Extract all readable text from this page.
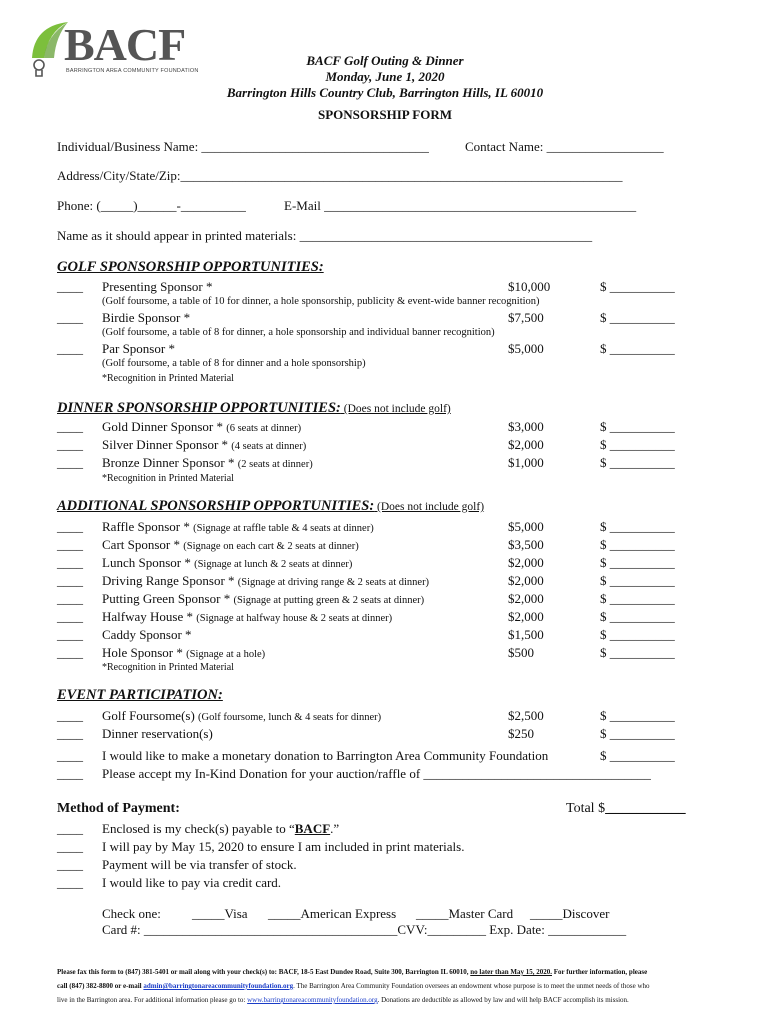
BACF
BARRINGTON AREA COMMUNITY FOUNDATION
BACF Golf Outing & Dinner
Monday, June 1, 2020
Barrington Hills Country Club, Barrington Hills, IL 60010
SPONSORSHIP FORM
Individual/Business Name: ___________________________________	Contact Name: __________________
Address/City/State/Zip:____________________________________________________________________
Phone: (_____)______-__________	E-Mail ________________________________________________
Name as it should appear in printed materials: _____________________________________________
GOLF SPONSORSHIP OPPORTUNITIES:
____ Presenting Sponsor *	$10,000	$ __________
(Golf foursome, a table of 10 for dinner, a hole sponsorship, publicity & event-wide banner recognition)
____ Birdie Sponsor *	$7,500	$ __________
(Golf foursome, a table of 8 for dinner, a hole sponsorship and individual banner recognition)
____ Par Sponsor *	$5,000	$ __________
(Golf foursome, a table of 8 for dinner and a hole sponsorship)
*Recognition in Printed Material
DINNER SPONSORSHIP OPPORTUNITIES: (Does not include golf)
____ Gold Dinner Sponsor * (6 seats at dinner)	$3,000	$ __________
____ Silver Dinner Sponsor * (4 seats at dinner)	$2,000	$ __________
____ Bronze Dinner Sponsor * (2 seats at dinner)	$1,000	$ __________
*Recognition in Printed Material
ADDITIONAL SPONSORSHIP OPPORTUNITIES: (Does not include golf)
____ Raffle Sponsor * (Signage at raffle table & 4 seats at dinner)	$5,000	$ __________
____ Cart Sponsor * (Signage on each cart & 2 seats at dinner)	$3,500	$ __________
____ Lunch Sponsor * (Signage at lunch & 2 seats at dinner)	$2,000	$ __________
____ Driving Range Sponsor * (Signage at driving range & 2 seats at dinner)	$2,000	$ __________
____ Putting Green Sponsor * (Signage at putting green & 2 seats at dinner)	$2,000	$ __________
____ Halfway House * (Signage at halfway house & 2 seats at dinner)	$2,000	$ __________
____ Caddy Sponsor *	$1,500	$ __________
____ Hole Sponsor * (Signage at a hole)	$500	$ __________
*Recognition in Printed Material
EVENT PARTICIPATION:
____ Golf Foursome(s) (Golf foursome, lunch & 4 seats for dinner)	$2,500	$ __________
____ Dinner reservation(s)	$250	$ __________
____ I would like to make a monetary donation to Barrington Area Community Foundation	$ __________
____ Please accept my In-Kind Donation for your auction/raffle of ___________________________________
Method of Payment:	Total $ ___________
____ Enclosed is my check(s) payable to “BACF.”
____ I will pay by May 15, 2020 to ensure I am included in print materials.
____ Payment will be via transfer of stock.
____ I would like to pay via credit card.
Check one: _____Visa _____American Express _____Master Card _____Discover
Card #: _______________________________________CVV:_________ Exp. Date: ____________
Please fax this form to (847) 381-5401 or mail along with your check(s) to: BACF, 18-5 East Dundee Road, Suite 300, Barrington IL 60010, no later than May 15, 2020. For further information, please
call (847) 382-8800 or e-mail admin@barringtonareacommunityfoundation.org. The Barrington Area Community Foundation oversees an endowment whose purpose is to meet the unmet needs of those who
live in the Barrington area. For additional information please go to: www.barringtonareacommunityfoundation.org. Donations are deductible as allowed by law and will help BACF accomplish its mission.
